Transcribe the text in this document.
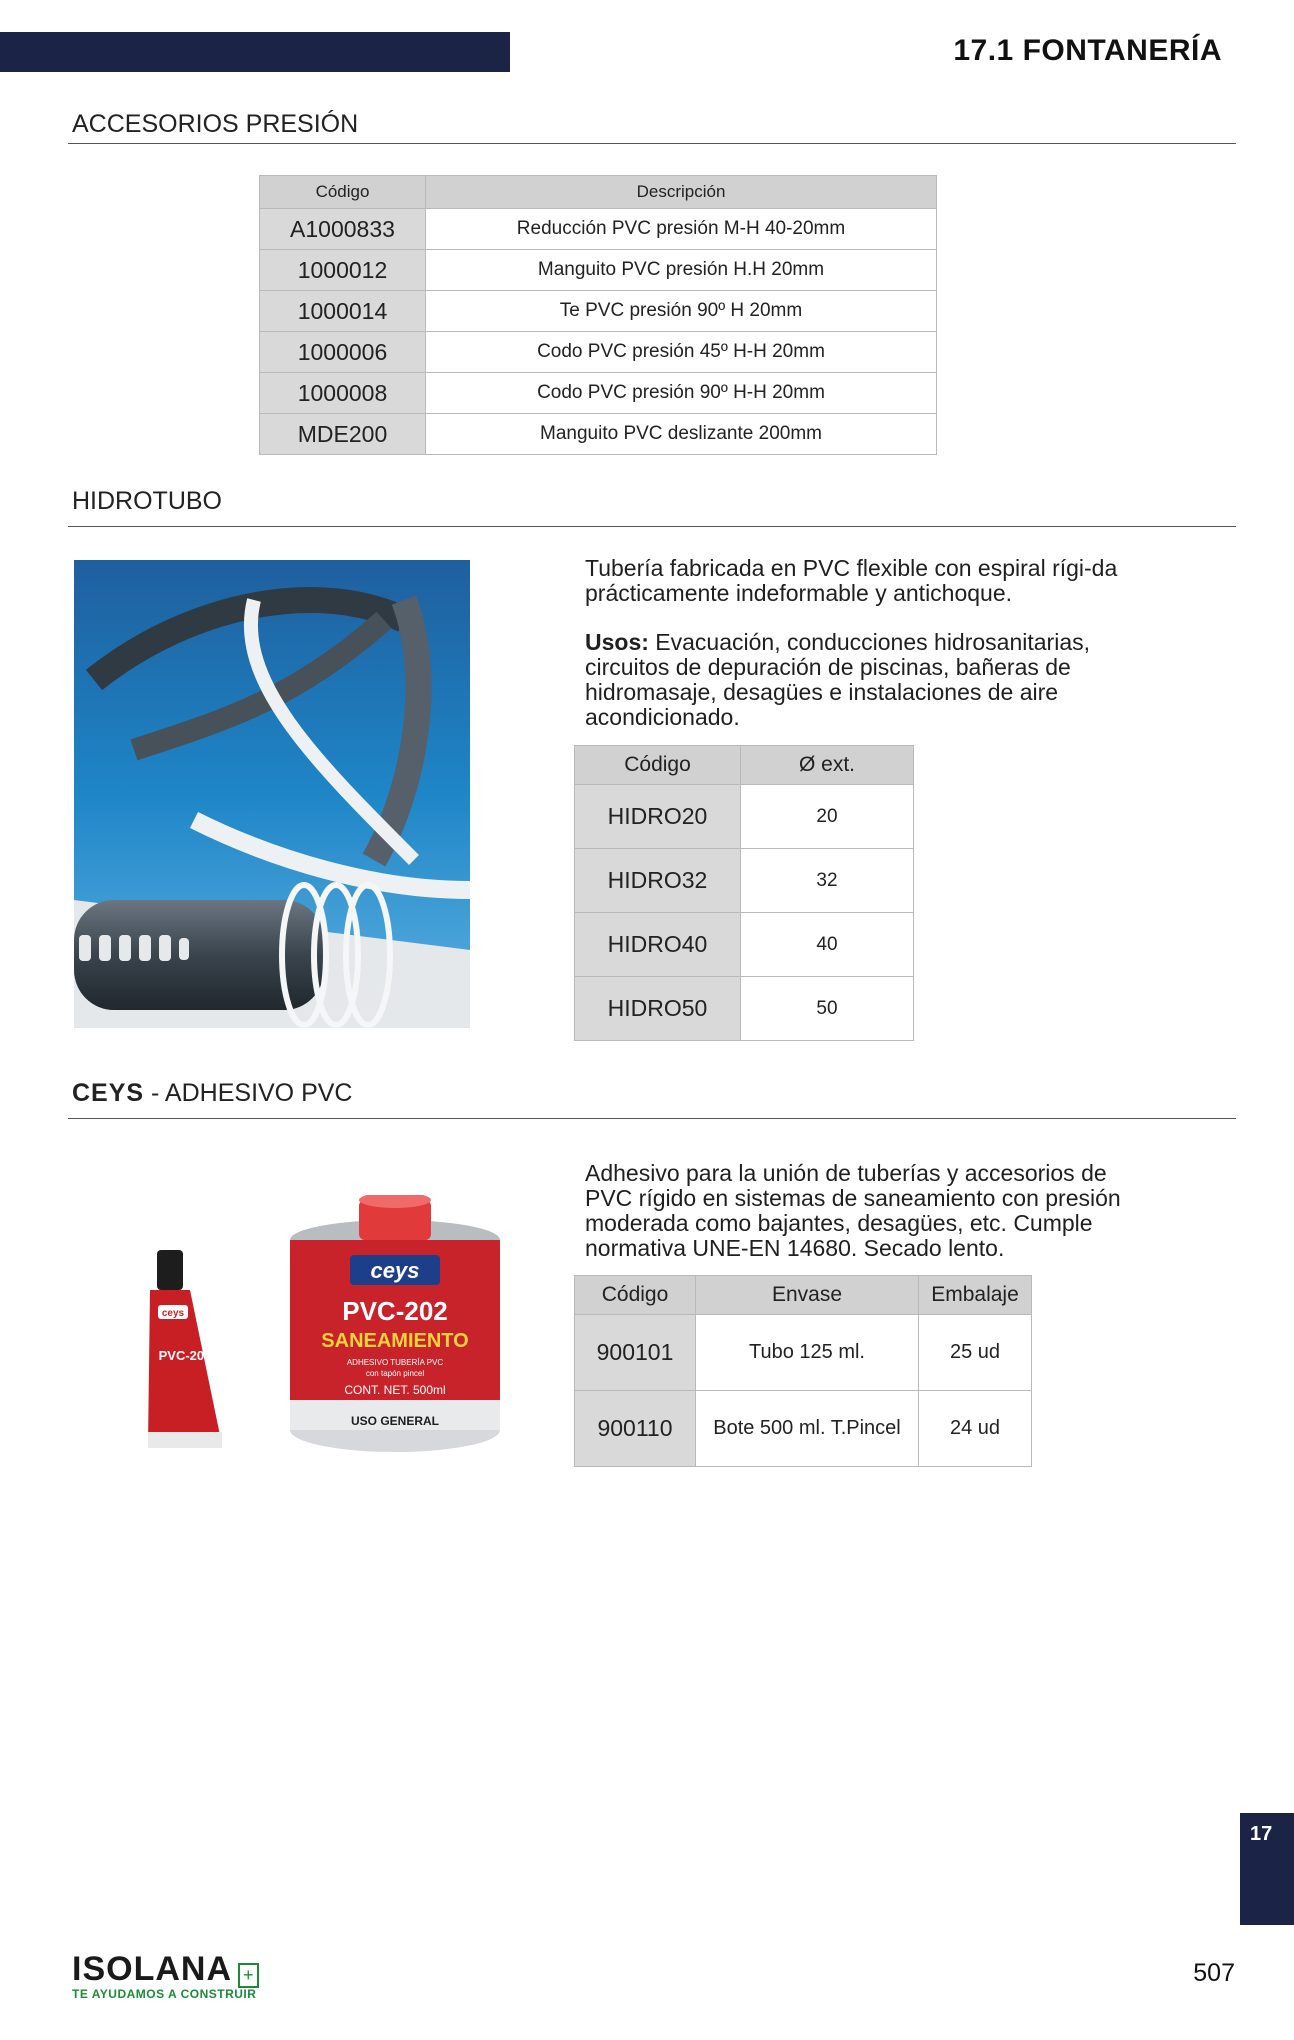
17.1 FONTANERÍA
ACCESORIOS PRESIÓN
Código	Descripción
A1000833	Reducción PVC presión M-H 40-20mm
1000012	Manguito PVC presión H.H 20mm
1000014	Te PVC presión 90º H 20mm
1000006	Codo PVC presión 45º H-H 20mm
1000008	Codo PVC presión 90º H-H 20mm
MDE200	Manguito PVC deslizante 200mm
HIDROTUBO
Tubería fabricada en PVC flexible con espiral rígi-da prácticamente indeformable y antichoque.
Usos: Evacuación, conducciones hidrosanitarias, circuitos de depuración de piscinas, bañeras de hidromasaje, desagües e instalaciones de aire acondicionado.
Código	Ø ext.
HIDRO20	20
HIDRO32	32
HIDRO40	40
HIDRO50	50
CEYS - ADHESIVO PVC
ceys
PVC-202
ceys
PVC-202
SANEAMIENTO
ADHESIVO TUBERÍA PVC
con tapón pincel
CONT. NET. 500ml
USO GENERAL
Adhesivo para la unión de tuberías y accesorios de PVC rígido en sistemas de saneamiento con presión moderada como bajantes, desagües, etc. Cumple normativa UNE-EN 14680. Secado lento.
Código	Envase	Embalaje
900101	Tubo 125 ml.	25 ud
900110	Bote 500 ml. T.Pincel	24 ud
17
ISOLANA +
TE AYUDAMOS A CONSTRUIR
507
